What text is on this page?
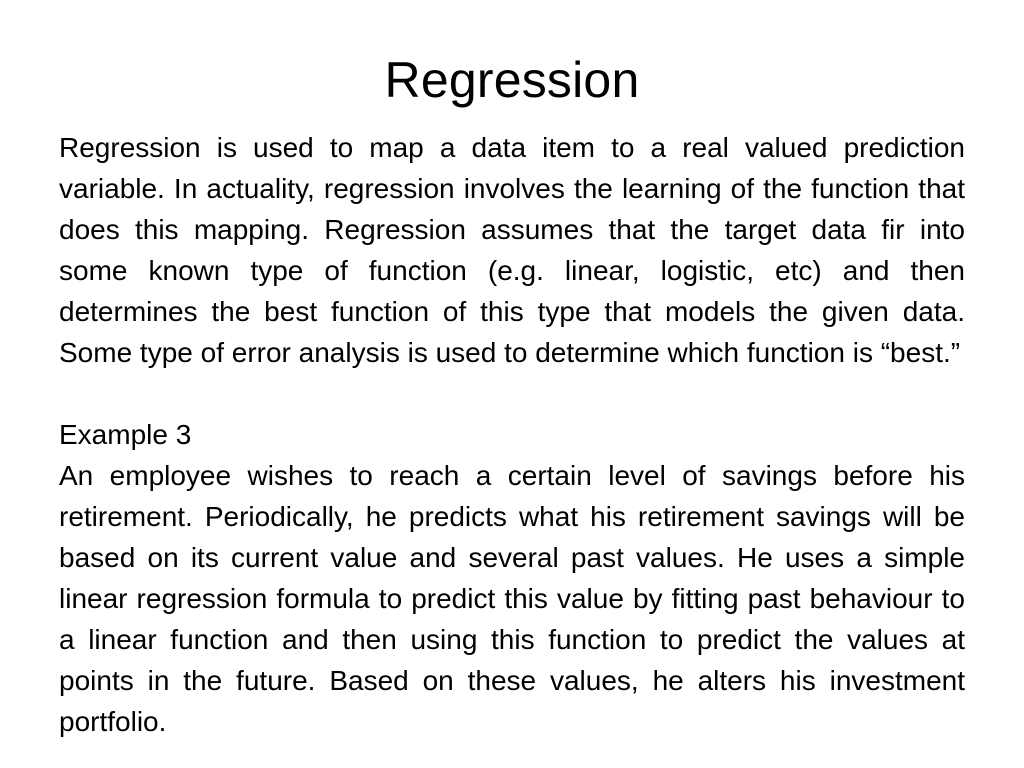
Regression

Regression is used to map a data item to a real valued prediction variable. In actuality, regression involves the learning of the function that does this mapping. Regression assumes that the target data fir into some known type of function (e.g. linear, logistic, etc) and then determines the best function of this type that models the given data. Some type of error analysis is used to determine which function is “best.”

Example 3

An employee wishes to reach a certain level of savings before his retirement. Periodically, he predicts what his retirement savings will be based on its current value and several past values. He uses a simple linear regression formula to predict this value by fitting past behaviour to a linear function and then using this function to predict the values at points in the future. Based on these values, he alters his investment portfolio.
